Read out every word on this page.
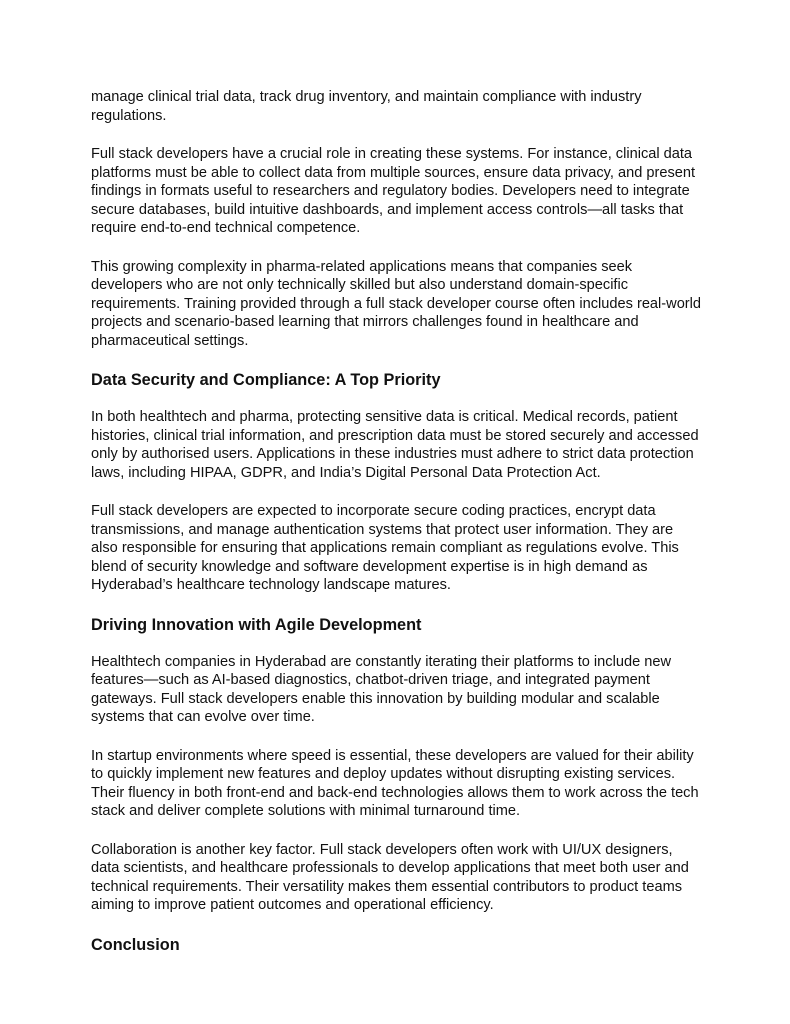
manage clinical trial data, track drug inventory, and maintain compliance with industry regulations.

Full stack developers have a crucial role in creating these systems. For instance, clinical data platforms must be able to collect data from multiple sources, ensure data privacy, and present findings in formats useful to researchers and regulatory bodies. Developers need to integrate secure databases, build intuitive dashboards, and implement access controls—all tasks that require end-to-end technical competence.

This growing complexity in pharma-related applications means that companies seek developers who are not only technically skilled but also understand domain-specific requirements. Training provided through a full stack developer course often includes real-world projects and scenario-based learning that mirrors challenges found in healthcare and pharmaceutical settings.

Data Security and Compliance: A Top Priority

In both healthtech and pharma, protecting sensitive data is critical. Medical records, patient histories, clinical trial information, and prescription data must be stored securely and accessed only by authorised users. Applications in these industries must adhere to strict data protection laws, including HIPAA, GDPR, and India’s Digital Personal Data Protection Act.

Full stack developers are expected to incorporate secure coding practices, encrypt data transmissions, and manage authentication systems that protect user information. They are also responsible for ensuring that applications remain compliant as regulations evolve. This blend of security knowledge and software development expertise is in high demand as Hyderabad’s healthcare technology landscape matures.

Driving Innovation with Agile Development

Healthtech companies in Hyderabad are constantly iterating their platforms to include new features—such as AI-based diagnostics, chatbot-driven triage, and integrated payment gateways. Full stack developers enable this innovation by building modular and scalable systems that can evolve over time.

In startup environments where speed is essential, these developers are valued for their ability to quickly implement new features and deploy updates without disrupting existing services. Their fluency in both front-end and back-end technologies allows them to work across the tech stack and deliver complete solutions with minimal turnaround time.

Collaboration is another key factor. Full stack developers often work with UI/UX designers, data scientists, and healthcare professionals to develop applications that meet both user and technical requirements. Their versatility makes them essential contributors to product teams aiming to improve patient outcomes and operational efficiency.

Conclusion
